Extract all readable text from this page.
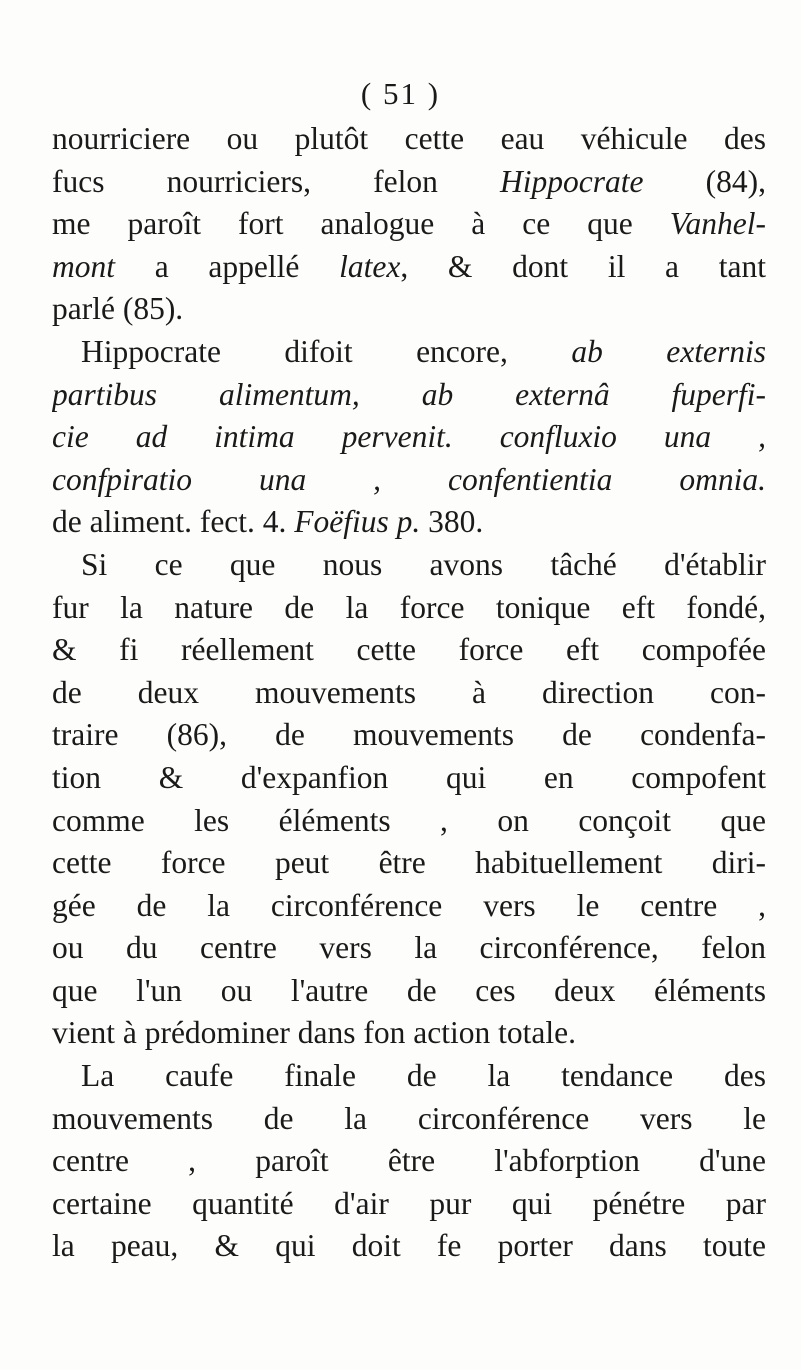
( 51 )
nourriciere ou plutôt cette eau véhicule des
fucs nourriciers, felon Hippocrate (84),
me paroît fort analogue à ce que Vanhel-
mont a appellé latex, & dont il a tant
parlé (85).
Hippocrate difoit encore, ab externis
partibus alimentum, ab externâ fuperfi-
cie ad intima pervenit. confluxio una ,
confpiratio una , confentientia omnia.
de aliment. fect. 4. Foëfius p. 380.
Si ce que nous avons tâché d'établir
fur la nature de la force tonique eft fondé,
& fi réellement cette force eft compofée
de deux mouvements à direction con-
traire (86), de mouvements de condenfa-
tion & d'expanfion qui en compofent
comme les éléments , on conçoit que
cette force peut être habituellement diri-
gée de la circonférence vers le centre ,
ou du centre vers la circonférence, felon
que l'un ou l'autre de ces deux éléments
vient à prédominer dans fon action totale.
La caufe finale de la tendance des
mouvements de la circonférence vers le
centre , paroît être l'abforption d'une
certaine quantité d'air pur qui pénétre par
la peau, & qui doit fe porter dans toute
